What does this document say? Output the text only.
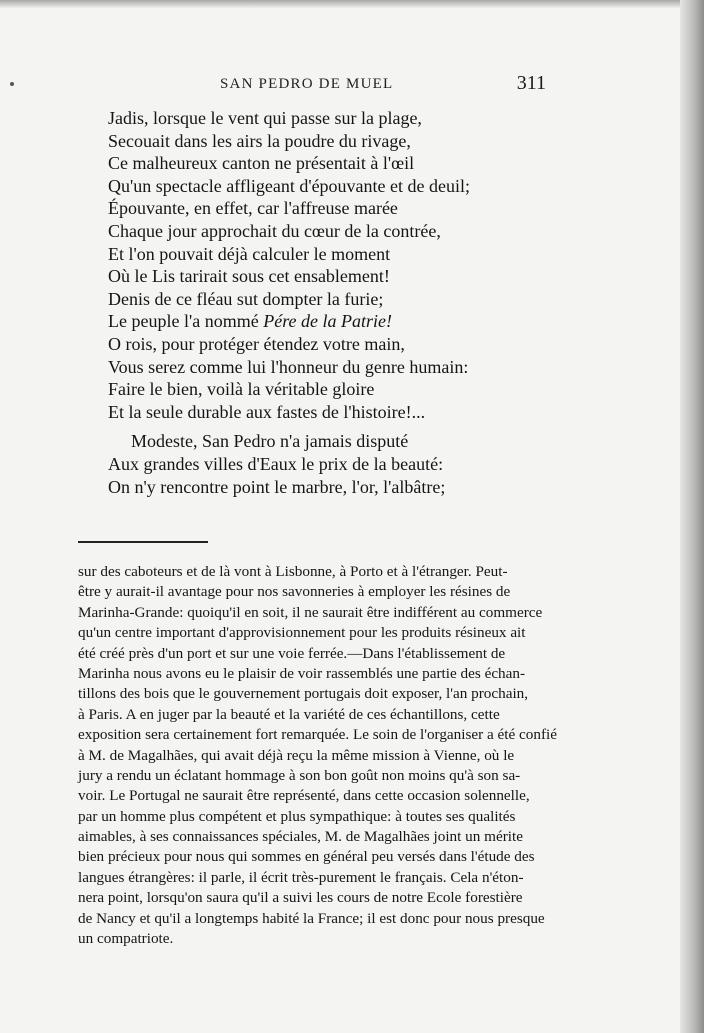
SAN PEDRO DE MUEL	311
Jadis, lorsque le vent qui passe sur la plage,
Secouait dans les airs la poudre du rivage,
Ce malheureux canton ne présentait à l'œil
Qu'un spectacle affligeant d'épouvante et de deuil;
Épouvante, en effet, car l'affreuse marée
Chaque jour approchait du cœur de la contrée,
Et l'on pouvait déjà calculer le moment
Où le Lis tarirait sous cet ensablement!
Denis de ce fléau sut dompter la furie;
Le peuple l'a nommé Pére de la Patrie!
O rois, pour protéger étendez votre main,
Vous serez comme lui l'honneur du genre humain:
Faire le bien, voilà la véritable gloire
Et la seule durable aux fastes de l'histoire!...
Modeste, San Pedro n'a jamais disputé
Aux grandes villes d'Eaux le prix de la beauté:
On n'y rencontre point le marbre, l'or, l'albâtre;
sur des caboteurs et de là vont à Lisbonne, à Porto et à l'étranger. Peut-
être y aurait-il avantage pour nos savonneries à employer les résines de
Marinha-Grande: quoiqu'il en soit, il ne saurait être indifférent au commerce
qu'un centre important d'approvisionnement pour les produits résineux ait
été créé près d'un port et sur une voie ferrée.—Dans l'établissement de
Marinha nous avons eu le plaisir de voir rassemblés une partie des échan-
tillons des bois que le gouvernement portugais doit exposer, l'an prochain,
à Paris. A en juger par la beauté et la variété de ces échantillons, cette
exposition sera certainement fort remarquée. Le soin de l'organiser a été confié
à M. de Magalhães, qui avait déjà reçu la même mission à Vienne, où le
jury a rendu un éclatant hommage à son bon goût non moins qu'à son sa-
voir. Le Portugal ne saurait être représenté, dans cette occasion solennelle,
par un homme plus compétent et plus sympathique: à toutes ses qualités
aimables, à ses connaissances spéciales, M. de Magalhães joint un mérite
bien précieux pour nous qui sommes en général peu versés dans l'étude des
langues étrangères: il parle, il écrit très-purement le français. Cela n'éton-
nera point, lorsqu'on saura qu'il a suivi les cours de notre Ecole forestière
de Nancy et qu'il a longtemps habité la France; il est donc pour nous presque
un compatriote.
